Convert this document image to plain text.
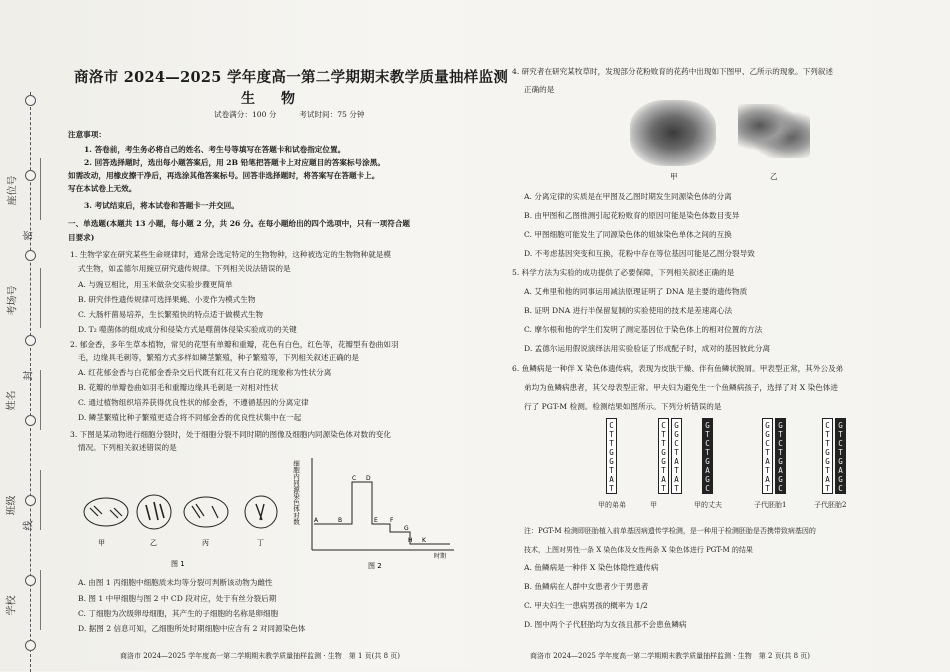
座位号
密
考场号
封
姓名
班级
线
学校
商洛市 2024—2025 学年度高一第二学期期末教学质量抽样监测
生　物

试卷满分：100 分　　　考试时间：75 分钟

注意事项：

1. 答卷前，考生务必将自己的姓名、考生号等填写在答题卡和试卷指定位置。

2. 回答选择题时，选出每小题答案后，用 2B 铅笔把答题卡上对应题目的答案标号涂黑。

如需改动，用橡皮擦干净后，再选涂其他答案标号。回答非选择题时，将答案写在答题卡上。

写在本试卷上无效。

3. 考试结束后，将本试卷和答题卡一并交回。

一、单选题(本题共 13 小题，每小题 2 分，共 26 分。在每小题给出的四个选项中，只有一项符合题

目要求)

1. 生物学家在研究某些生命规律时，通常会选定特定的生物物种，这种被选定的生物物种就是模

式生物，如孟德尔用豌豆研究遗传规律。下列相关说法错误的是

A. 与豌豆相比，用玉米做杂交实验步骤更简单

B. 研究伴性遗传规律可选择果蝇、小麦作为模式生物

C. 大肠杆菌易培养，生长繁殖快的特点适于做模式生物

D. T₂ 噬菌体的组成成分和侵染方式是噬菌体侵染实验成功的关键

2. 郁金香，多年生草本植物，常见的花型有单瓣和重瓣，花色有白色，红色等，花瓣型有卷曲如羽

毛，边缘具毛刺等，繁殖方式多样如鳞茎繁殖，种子繁殖等，下列相关叙述正确的是

A. 红花郁金香与白花郁金香杂交后代既有红花又有白花的现象称为性状分离

B. 花瓣的单瓣卷曲如羽毛和重瓣边缘具毛刺是一对相对性状

C. 通过植物组织培养获得优良性状的郁金香，不遵循基因的分离定律

D. 鳞茎繁殖比种子繁殖更适合将不同郁金香的优良性状集中在一起

3. 下图是某动物进行细胞分裂时，处于细胞分裂不同时期的图像及细胞内同源染色体对数的变化

情况。下列相关叙述错误的是

甲	乙	丙	丁
图 1
细胞内同源染色体对数 A	B
C D
E F
G
H K
时期
图 2

A. 由图 1 丙细胞中细胞质未均等分裂可判断该动物为雌性

B. 图 1 中甲细胞与图 2 中 CD 段对应，处于有丝分裂后期

C. 丁细胞为次级卵母细胞，其产生的子细胞的名称是卵细胞

D. 据图 2 信息可知，乙细胞所处时期细胞中应含有 2 对同源染色体

商洛市 2024—2025 学年度高一第二学期期末教学质量抽样监测 · 生物　第 1 页(共 8 页)

4. 研究者在研究某牧草时，发现部分花粉败育的花药中出现如下图甲、乙所示的现象。下列叙述

正确的是

甲	乙

A. 分离定律的实质是在甲图及乙图时期发生同源染色体的分离

B. 由甲图和乙图推测引起花粉败育的原因可能是染色体数目变异

C. 甲图细胞可能发生了同源染色体的姐妹染色单体之间的互换

D. 不考虑基因突变和互换，花粉中存在等位基因可能是乙图分裂导致

5. 科学方法为实验的成功提供了必要保障，下列相关叙述正确的是

A. 艾弗里和他的同事运用减法原理证明了 DNA 是主要的遗传物质

B. 证明 DNA 进行半保留复制的实验使用的技术是差速离心法

C. 摩尔根和他的学生们发明了测定基因位于染色体上的相对位置的方法

D. 孟德尔运用假说演绎法用实验验证了形成配子时，成对的基因彼此分离

6. 鱼鳞病是一种伴 X 染色体遗传病，表现为皮肤干燥、伴有鱼鳞状脱屑。甲表型正常，其外公及弟

弟均为鱼鳞病患者，其父母表型正常。甲夫妇为避免生一个鱼鳞病孩子，选择了对 X 染色体进

行了 PGT-M 检测。检测结果如图所示。下列分析错误的是

CTTGGTAT
甲的弟弟
CTTGGTAT
GGCTATAT
甲
GTCTGAGC
甲的丈夫
GGCTATAT
GTCTGAGC
子代胚胎1
CTTGGTAT
GTCTGAGC
子代胚胎2

注：PGT-M 检测即胚胎植入前单基因病遗传学检测，是一种用于检测胚胎是否携带致病基因的

技术，上图对男性一条 X 染色体及女性两条 X 染色体进行 PGT-M 的结果

A. 鱼鳞病是一种伴 X 染色体隐性遗传病

B. 鱼鳞病在人群中女患者少于男患者

C. 甲夫妇生一患病男孩的概率为 1/2

D. 图中两个子代胚胎均为女孩且都不会患鱼鳞病

商洛市 2024—2025 学年度高一第二学期期末教学质量抽样监测 · 生物　第 2 页(共 8 页)
